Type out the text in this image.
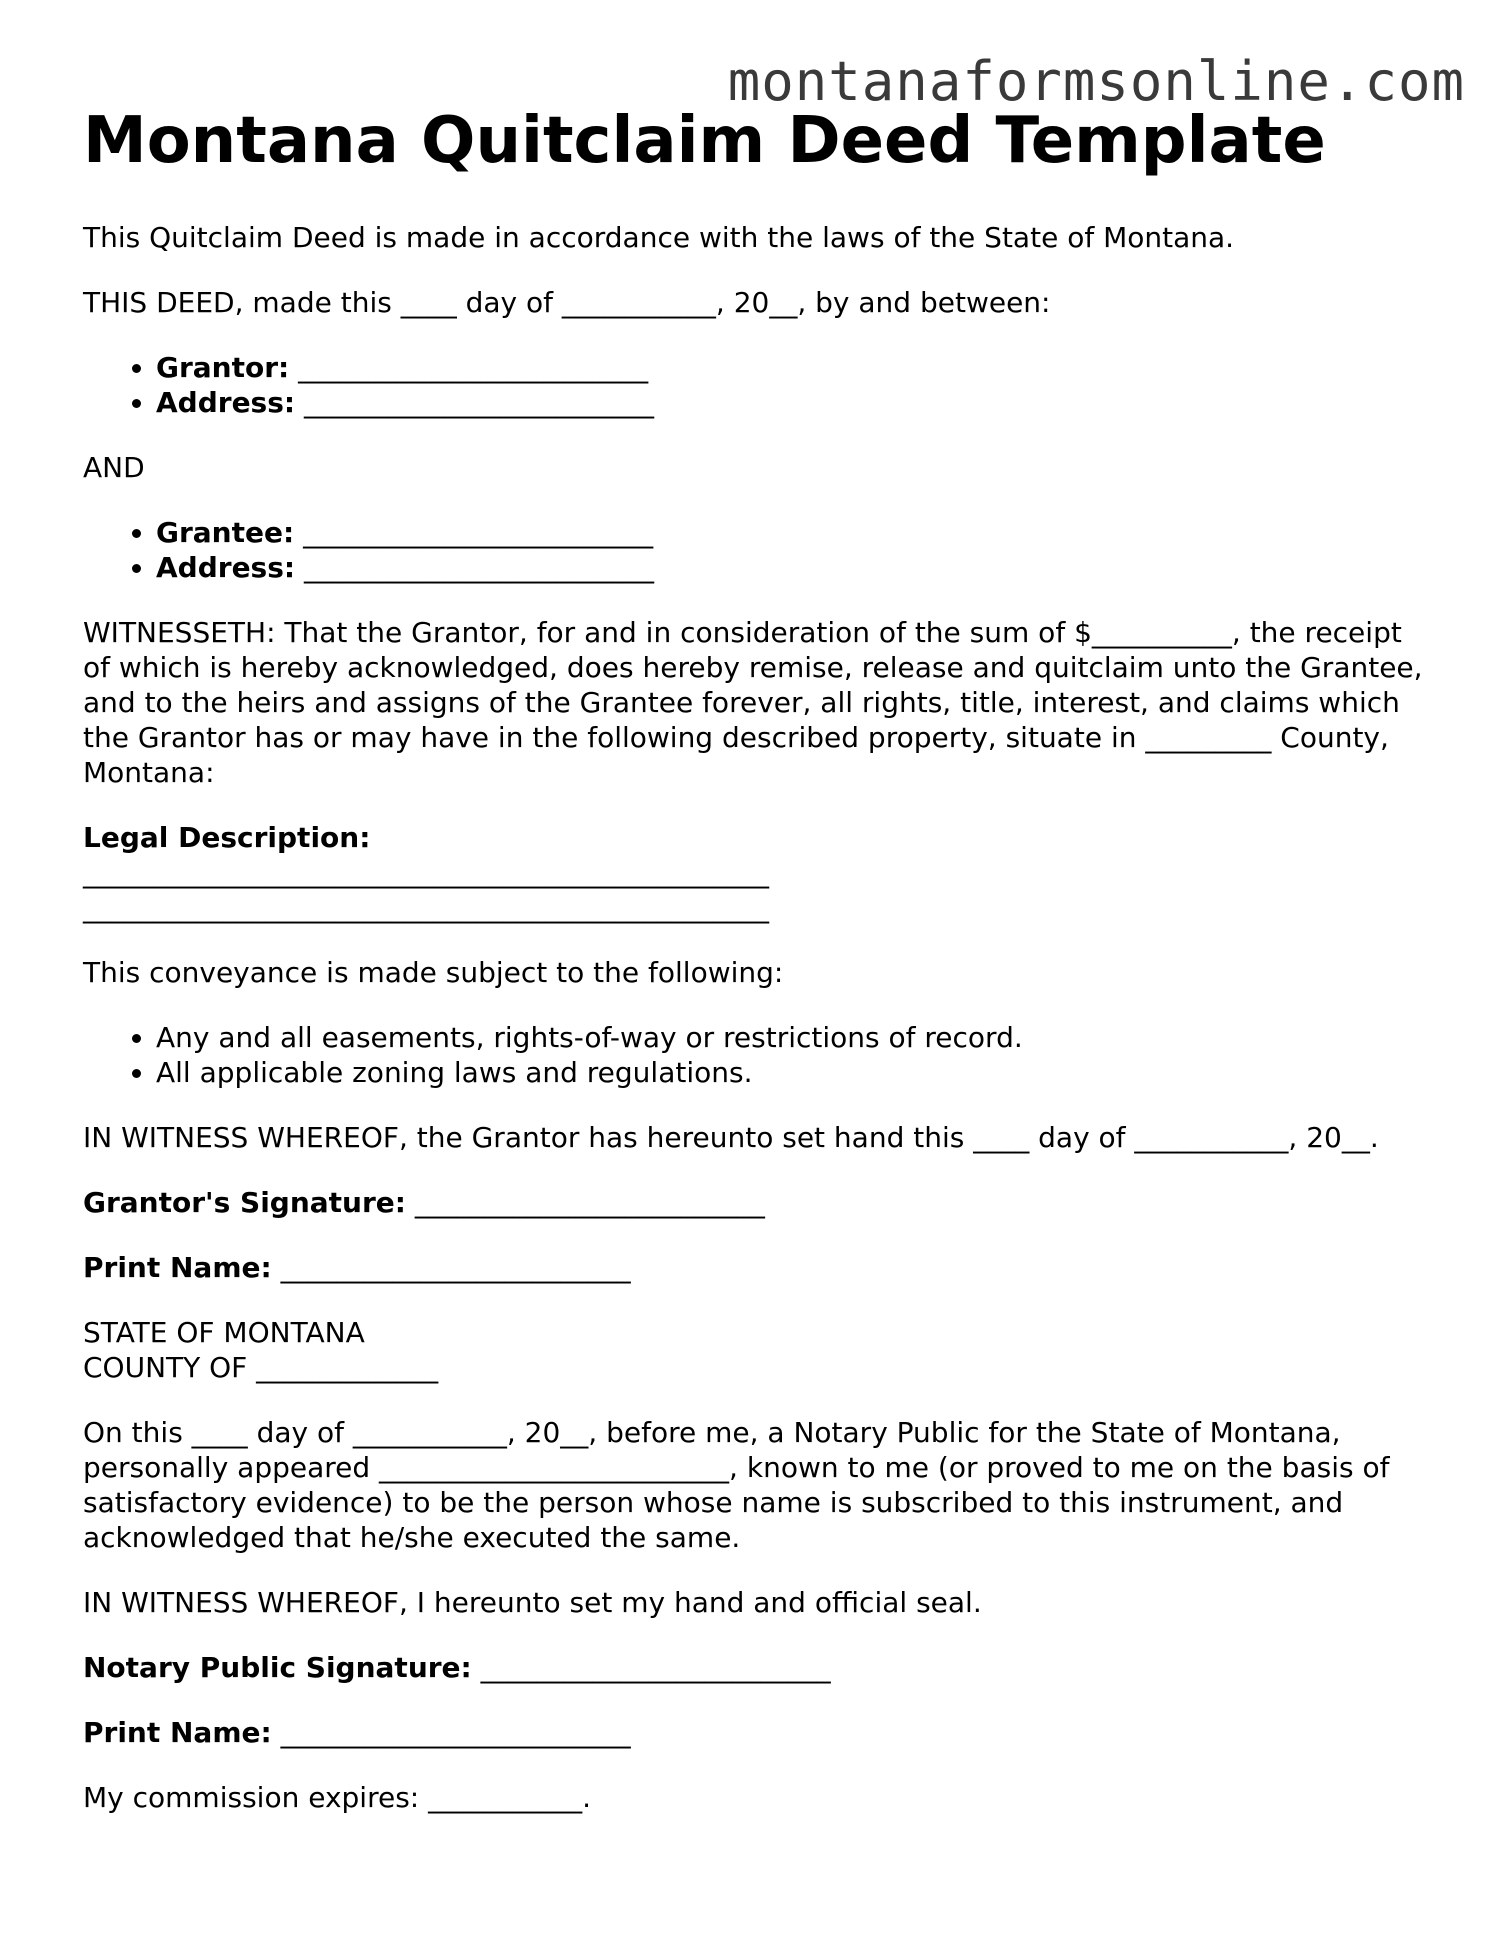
montanaformsonline.com
Montana Quitclaim Deed Template

This Quitclaim Deed is made in accordance with the laws of the State of Montana.

THIS DEED, made this ____ day of ___________, 20__, by and between:

• Grantor: _________________________
• Address: _________________________

AND

• Grantee: _________________________
• Address: _________________________

WITNESSETH: That the Grantor, for and in consideration of the sum of $__________, the receipt of which is hereby acknowledged, does hereby remise, release and quitclaim unto the Grantee, and to the heirs and assigns of the Grantee forever, all rights, title, interest, and claims which the Grantor has or may have in the following described property, situate in _________ County, Montana:

Legal Description:
_________________________________________________
_________________________________________________

This conveyance is made subject to the following:

• Any and all easements, rights-of-way or restrictions of record.
• All applicable zoning laws and regulations.

IN WITNESS WHEREOF, the Grantor has hereunto set hand this ____ day of ___________, 20__.

Grantor's Signature: _________________________

Print Name: _________________________

STATE OF MONTANA
COUNTY OF _____________

On this ____ day of ___________, 20__, before me, a Notary Public for the State of Montana, personally appeared _________________________, known to me (or proved to me on the basis of satisfactory evidence) to be the person whose name is subscribed to this instrument, and acknowledged that he/she executed the same.

IN WITNESS WHEREOF, I hereunto set my hand and official seal.

Notary Public Signature: _________________________

Print Name: _________________________

My commission expires: ___________.
